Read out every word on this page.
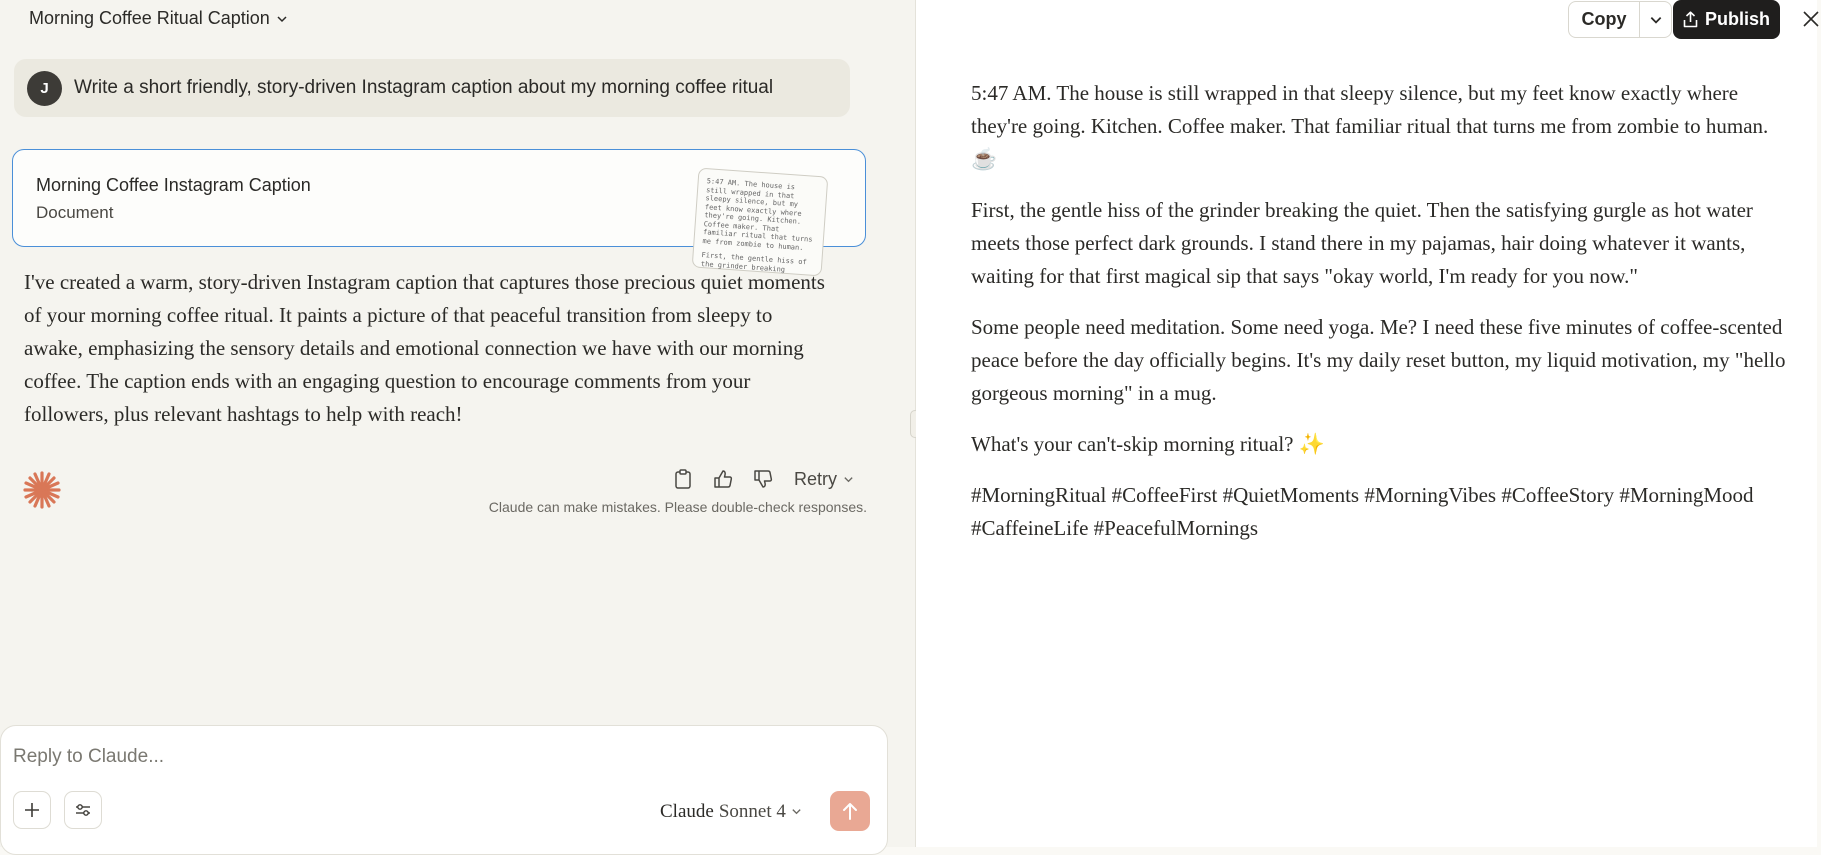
Morning Coffee Ritual Caption
J	Write a short friendly, story-driven Instagram caption about my morning coffee ritual
Morning Coffee Instagram Caption
Document

5:47 AM. The house is still wrapped in that sleepy silence, but my feet know exactly where they're going. Kitchen. Coffee maker. That familiar ritual that turns me from zombie to human.

First, the gentle hiss of the grinder breaking

I've created a warm, story-driven Instagram caption that captures those precious quiet moments of your morning coffee ritual. It paints a picture of that peaceful transition from sleepy to awake, emphasizing the sensory details and emotional connection we have with our morning coffee. The caption ends with an engaging question to encourage comments from your followers, plus relevant hashtags to help with reach!
Retry
Claude can make mistakes. Please double-check responses.
Reply to Claude...
Claude Sonnet 4
Copy	Publish

5:47 AM. The house is still wrapped in that sleepy silence, but my feet know exactly where they're going. Kitchen. Coffee maker. That familiar ritual that turns me from zombie to human. ☕

First, the gentle hiss of the grinder breaking the quiet. Then the satisfying gurgle as hot water meets those perfect dark grounds. I stand there in my pajamas, hair doing whatever it wants, waiting for that first magical sip that says "okay world, I'm ready for you now."

Some people need meditation. Some need yoga. Me? I need these five minutes of coffee-scented peace before the day officially begins. It's my daily reset button, my liquid motivation, my "hello gorgeous morning" in a mug.

What's your can't-skip morning ritual? ✨

#MorningRitual #CoffeeFirst #QuietMoments #MorningVibes #CoffeeStory #MorningMood #CaffeineLife #PeacefulMornings
